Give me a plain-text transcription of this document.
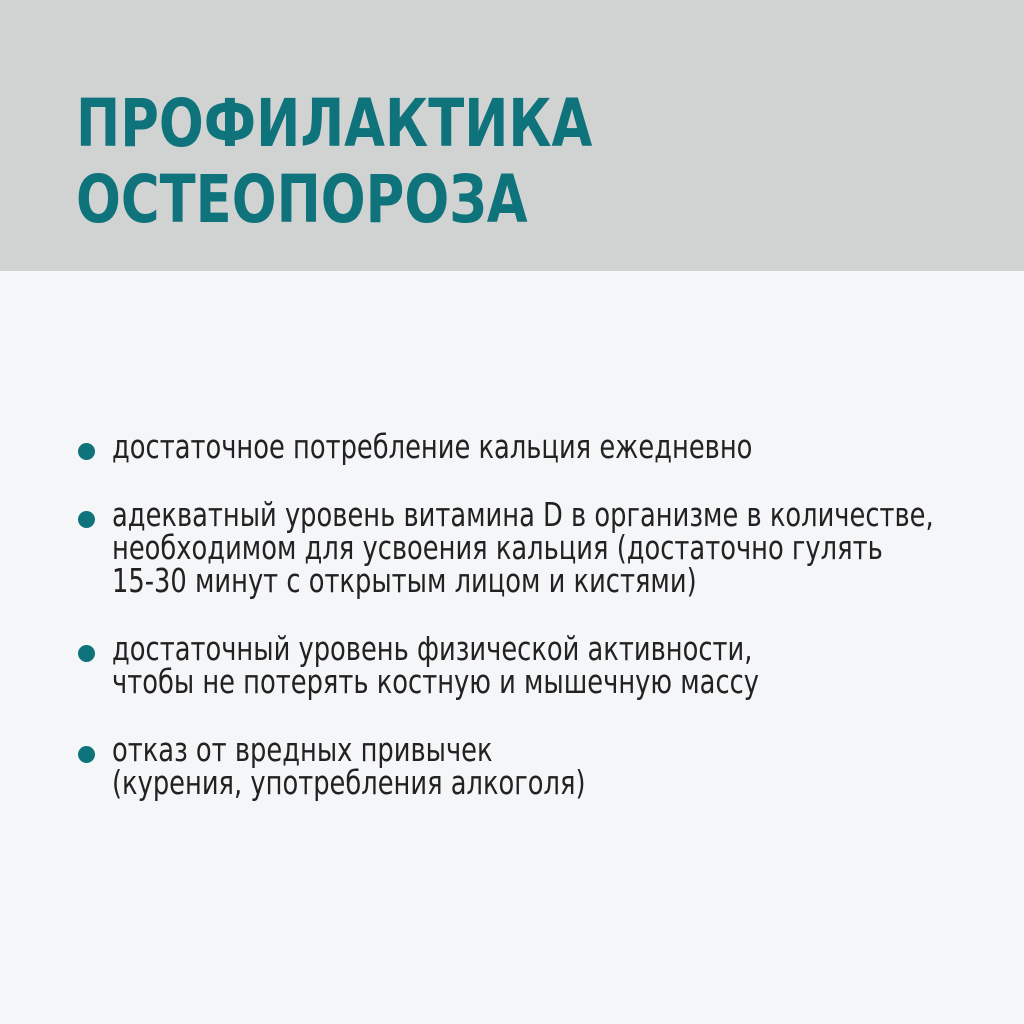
ПРОФИЛАКТИКА
ОСТЕОПОРОЗА
достаточное потребление кальция ежедневно
адекватный уровень витамина D в организме в количестве,
необходимом для усвоения кальция (достаточно гулять
15-30 минут с открытым лицом и кистями)
достаточный уровень физической активности,
чтобы не потерять костную и мышечную массу
отказ от вредных привычек
(курения, употребления алкоголя)
